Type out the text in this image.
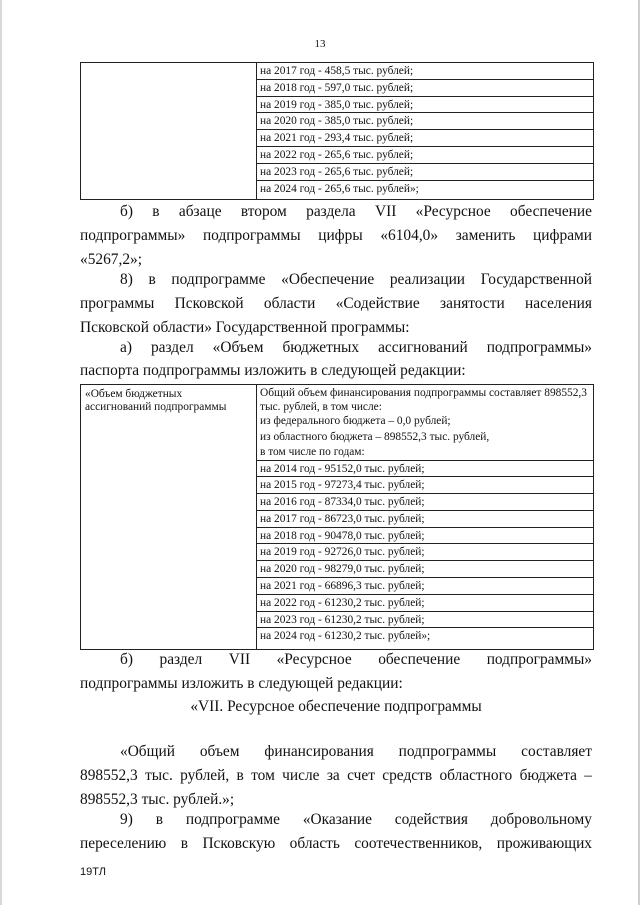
13
на 2017 год - 458,5 тыс. рублей;
на 2018 год - 597,0 тыс. рублей;
на 2019 год - 385,0 тыс. рублей;
на 2020 год - 385,0 тыс. рублей;
на 2021 год - 293,4 тыс. рублей;
на 2022 год - 265,6 тыс. рублей;
на 2023 год - 265,6 тыс. рублей;
на 2024 год - 265,6 тыс. рублей»;
б) в абзаце втором раздела VII «Ресурсное обеспечение
подпрограммы» подпрограммы цифры «6104,0» заменить цифрами
«5267,2»;
8) в подпрограмме «Обеспечение реализации Государственной
программы Псковской области «Содействие занятости населения
Псковской области» Государственной программы:
а) раздел «Объем бюджетных ассигнований подпрограммы»
паспорта подпрограммы изложить в следующей редакции:
«Объем бюджетных ассигнований подпрограммы
Общий объем финансирования подпрограммы составляет 898552,3 тыс. рублей, в том числе:
из федерального бюджета – 0,0 рублей;
из областного бюджета – 898552,3 тыс. рублей,
в том числе по годам:
на 2014 год - 95152,0 тыс. рублей;
на 2015 год - 97273,4 тыс. рублей;
на 2016 год - 87334,0 тыс. рублей;
на 2017 год - 86723,0 тыс. рублей;
на 2018 год - 90478,0 тыс. рублей;
на 2019 год - 92726,0 тыс. рублей;
на 2020 год - 98279,0 тыс. рублей;
на 2021 год - 66896,3 тыс. рублей;
на 2022 год - 61230,2 тыс. рублей;
на 2023 год - 61230,2 тыс. рублей;
на 2024 год - 61230,2 тыс. рублей»;
б) раздел VII «Ресурсное обеспечение подпрограммы»
подпрограммы изложить в следующей редакции:
«VII. Ресурсное обеспечение подпрограммы
«Общий объем финансирования подпрограммы составляет
898552,3 тыс. рублей, в том числе за счет средств областного бюджета –
898552,3 тыс. рублей.»;
9) в подпрограмме «Оказание содействия добровольному
переселению в Псковскую область соотечественников, проживающих
19ТЛ
